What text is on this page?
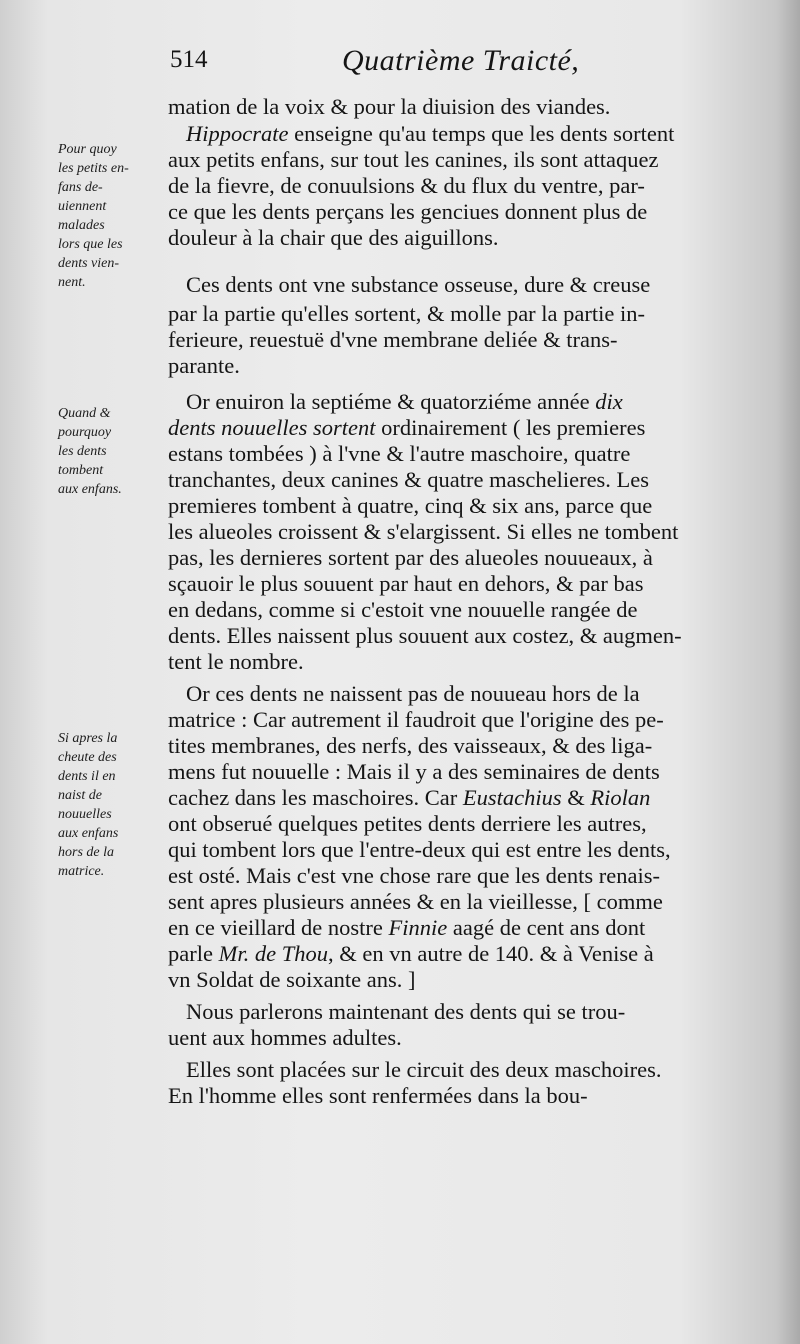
514	Quatrième Traicté,
Pour quoy
les petits en-
fans de-
uiennent
malades
lors que les
dents vien-
nent.
Quand &
pourquoy
les dents
tombent
aux enfans.
Si apres la
cheute des
dents il en
naist de
nouuelles
aux enfans
hors de la
matrice.
mation de la voix & pour la diuision des viandes.
Hippocrate enseigne qu'au temps que les dents sortent
aux petits enfans, sur tout les canines, ils sont attaquez
de la fievre, de conuulsions & du flux du ventre, par-
ce que les dents perçans les genciues donnent plus de
douleur à la chair que des aiguillons.
Ces dents ont vne substance osseuse, dure & creuse
par la partie qu'elles sortent, & molle par la partie in-
ferieure, reuestuë d'vne membrane deliée & trans-
parante.
Or enuiron la septiéme & quatorziéme année dix
dents nouuelles sortent ordinairement ( les premieres
estans tombées ) à l'vne & l'autre maschoire, quatre
tranchantes, deux canines & quatre maschelieres. Les
premieres tombent à quatre, cinq & six ans, parce que
les alueoles croissent & s'elargissent. Si elles ne tombent
pas, les dernieres sortent par des alueoles nouueaux, à
sçauoir le plus souuent par haut en dehors, & par bas
en dedans, comme si c'estoit vne nouuelle rangée de
dents. Elles naissent plus souuent aux costez, & augmen-
tent le nombre.
Or ces dents ne naissent pas de nouueau hors de la
matrice : Car autrement il faudroit que l'origine des pe-
tites membranes, des nerfs, des vaisseaux, & des liga-
mens fut nouuelle : Mais il y a des seminaires de dents
cachez dans les maschoires. Car Eustachius & Riolan
ont obserué quelques petites dents derriere les autres,
qui tombent lors que l'entre-deux qui est entre les dents,
est osté. Mais c'est vne chose rare que les dents renais-
sent apres plusieurs années & en la vieillesse, [ comme
en ce vieillard de nostre Finnie aagé de cent ans dont
parle Mr. de Thou, & en vn autre de 140. & à Venise à
vn Soldat de soixante ans. ]
Nous parlerons maintenant des dents qui se trou-
uent aux hommes adultes.
Elles sont placées sur le circuit des deux maschoires.
En l'homme elles sont renfermées dans la bou-
